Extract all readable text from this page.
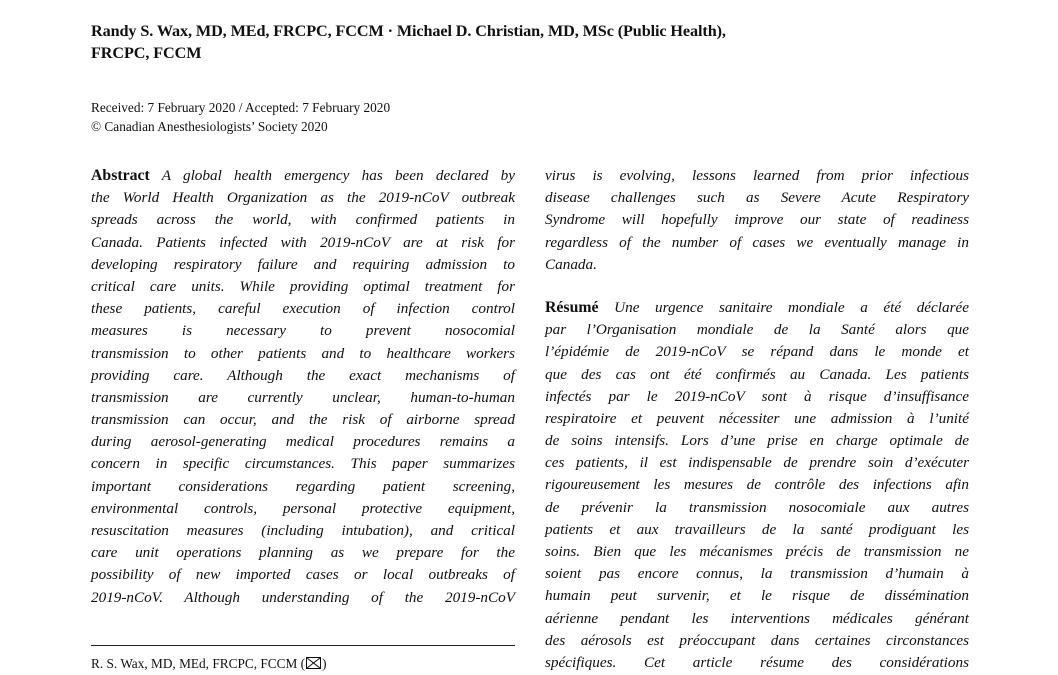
Randy S. Wax, MD, MEd, FRCPC, FCCM · Michael D. Christian, MD, MSc (Public Health),
FRCPC, FCCM
Received: 7 February 2020 / Accepted: 7 February 2020
© Canadian Anesthesiologists’ Society 2020
Abstract A global health emergency has been declared by
the World Health Organization as the 2019-nCoV outbreak
spreads across the world, with confirmed patients in
Canada. Patients infected with 2019-nCoV are at risk for
developing respiratory failure and requiring admission to
critical care units. While providing optimal treatment for
these patients, careful execution of infection control
measures is necessary to prevent nosocomial
transmission to other patients and to healthcare workers
providing care. Although the exact mechanisms of
transmission are currently unclear, human-to-human
transmission can occur, and the risk of airborne spread
during aerosol-generating medical procedures remains a
concern in specific circumstances. This paper summarizes
important considerations regarding patient screening,
environmental controls, personal protective equipment,
resuscitation measures (including intubation), and critical
care unit operations planning as we prepare for the
possibility of new imported cases or local outbreaks of
2019-nCoV. Although understanding of the 2019-nCoV
virus is evolving, lessons learned from prior infectious
disease challenges such as Severe Acute Respiratory
Syndrome will hopefully improve our state of readiness
regardless of the number of cases we eventually manage in
Canada.
Résumé Une urgence sanitaire mondiale a été déclarée
par l’Organisation mondiale de la Santé alors que
l’épidémie de 2019-nCoV se répand dans le monde et
que des cas ont été confirmés au Canada. Les patients
infectés par le 2019-nCoV sont à risque d’insuffisance
respiratoire et peuvent nécessiter une admission à l’unité
de soins intensifs. Lors d’une prise en charge optimale de
ces patients, il est indispensable de prendre soin d’exécuter
rigoureusement les mesures de contrôle des infections afin
de prévenir la transmission nosocomiale aux autres
patients et aux travailleurs de la santé prodiguant les
soins. Bien que les mécanismes précis de transmission ne
soient pas encore connus, la transmission d’humain à
humain peut survenir, et le risque de dissémination
aérienne pendant les interventions médicales générant
des aérosols est préoccupant dans certaines circonstances
spécifiques. Cet article résume des considérations
R. S. Wax, MD, MEd, FRCPC, FCCM ( )
